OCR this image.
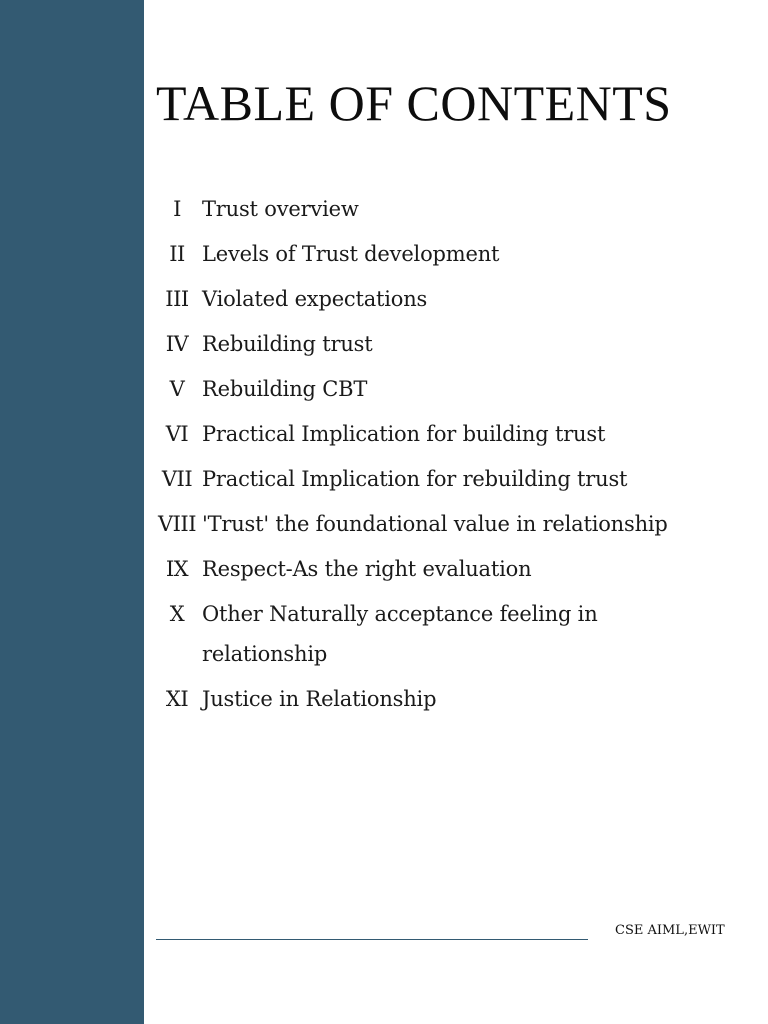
TABLE OF CONTENTS
I	Trust overview
II Levels of Trust development
III Violated expectations
IV Rebuilding trust
V Rebuilding CBT
VI Practical Implication for building trust
VII Practical Implication for rebuilding trust
VIII 'Trust' the foundational value in relationship
IX Respect-As the right evaluation
X Other Naturally acceptance feeling in relationship
XI Justice in Relationship
CSE AIML,EWIT
